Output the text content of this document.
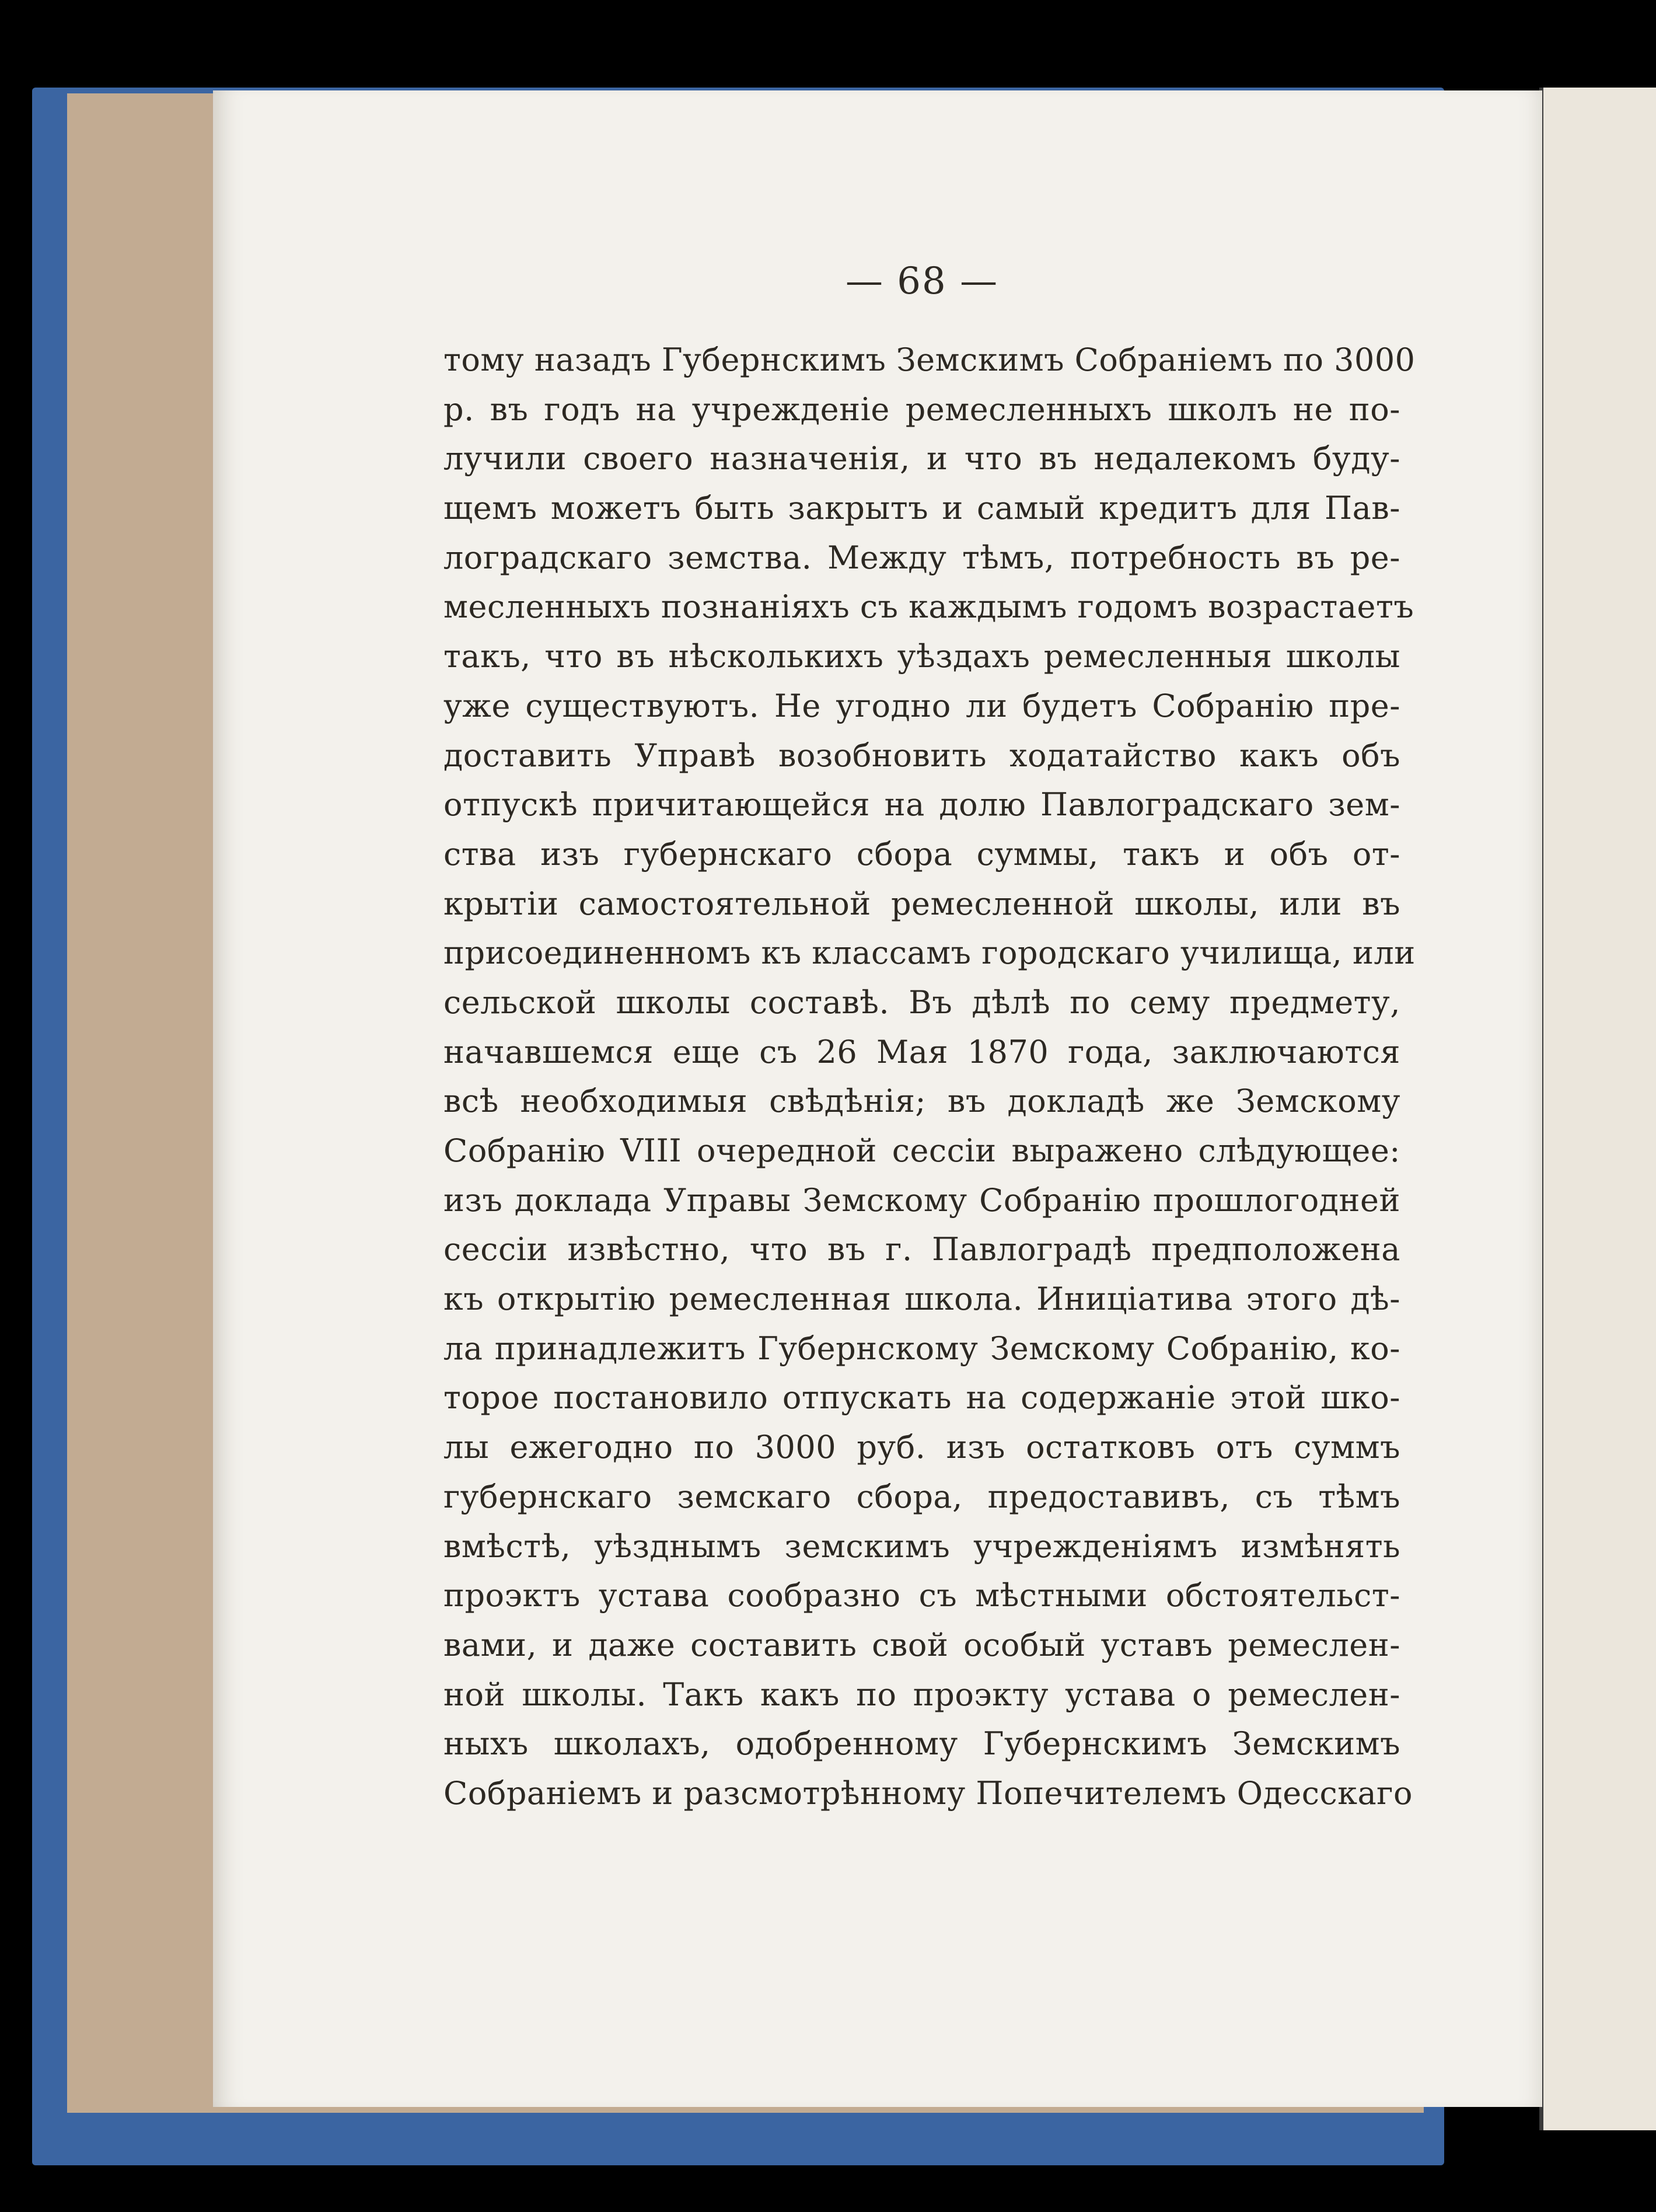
— 68 —
тому назадъ Губернскимъ Земскимъ Собраніемъ по 3000
р. въ годъ на учрежденіе ремесленныхъ школъ не по-
лучили своего назначенія, и что въ недалекомъ буду-
щемъ можетъ быть закрытъ и самый кредитъ для Пав-
лоградскаго земства. Между тѣмъ, потребность въ ре-
месленныхъ познаніяхъ съ каждымъ годомъ возрастаетъ
такъ, что въ нѣсколькихъ уѣздахъ ремесленныя школы
уже существуютъ. Не угодно ли будетъ Собранію пре-
доставить Управѣ возобновить ходатайство какъ объ
отпускѣ причитающейся на долю Павлоградскаго зем-
ства изъ губернскаго сбора суммы, такъ и объ от-
крытіи самостоятельной ремесленной школы, или въ
присоединенномъ къ классамъ городскаго училища, или
сельской школы составѣ. Въ дѣлѣ по сему предмету,
начавшемся еще съ 26 Мая 1870 года, заключаются
всѣ необходимыя свѣдѣнія; въ докладѣ же Земскому
Собранію VIII очередной сессіи выражено слѣдующее:
изъ доклада Управы Земскому Собранію прошлогодней
сессіи извѣстно, что въ г. Павлоградѣ предположена
къ открытію ремесленная школа. Иниціатива этого дѣ-
ла принадлежитъ Губернскому Земскому Собранію, ко-
торое постановило отпускать на содержаніе этой шко-
лы ежегодно по 3000 руб. изъ остатковъ отъ суммъ
губернскаго земскаго сбора, предоставивъ, съ тѣмъ
вмѣстѣ, уѣзднымъ земскимъ учрежденіямъ измѣнять
проэктъ устава сообразно съ мѣстными обстоятельст-
вами, и даже составить свой особый уставъ ремеслен-
ной школы. Такъ какъ по проэкту устава о ремеслен-
ныхъ школахъ, одобренному Губернскимъ Земскимъ
Собраніемъ и разсмотрѣнному Попечителемъ Одесскаго
